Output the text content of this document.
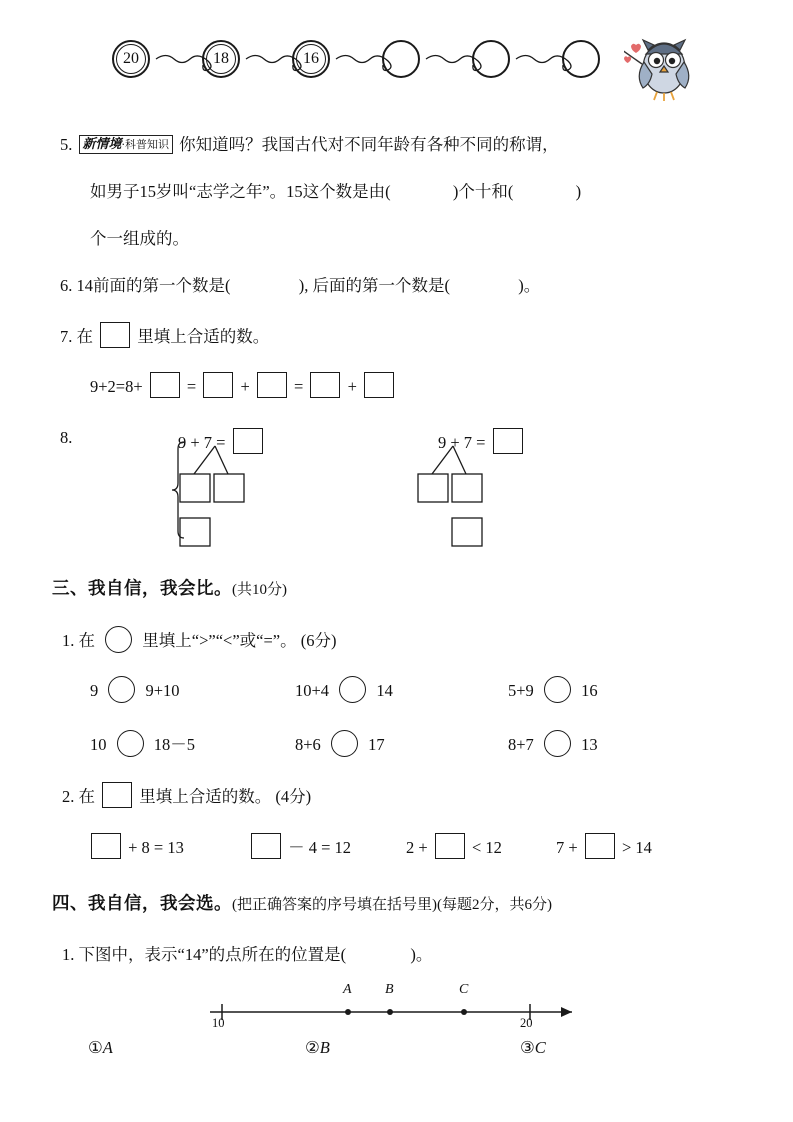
20	18	16
5. 新情境·科普知识 你知道吗？我国古代对不同年龄有各种不同的称谓，
如男子15岁叫“志学之年”。15这个数是由(	)个十和(	)
个一组成的。
6. 14前面的第一个数是(	), 后面的第一个数是(	)。
7. 在	里填上合适的数。
9+2=8+	=	+	=	+
8.	9 + 7 =	9 + 7 =
三、我自信，我会比。(共10分)
1. 在	里填上“>”“<”或“=”。 (6分)
9	9+10	10+4	14	5+9	16
10	18－5	8+6	17	8+7	13
2. 在	里填上合适的数。 (4分)
+ 8 = 13	－ 4 = 12	2 +	< 12	7 +	> 14
四、我自信，我会选。(把正确答案的序号填在括号里)(每题2分，共6分)
1. 下图中，表示“14”的点所在的位置是(	)。
10	20
A B	C
①A	②B	③C
